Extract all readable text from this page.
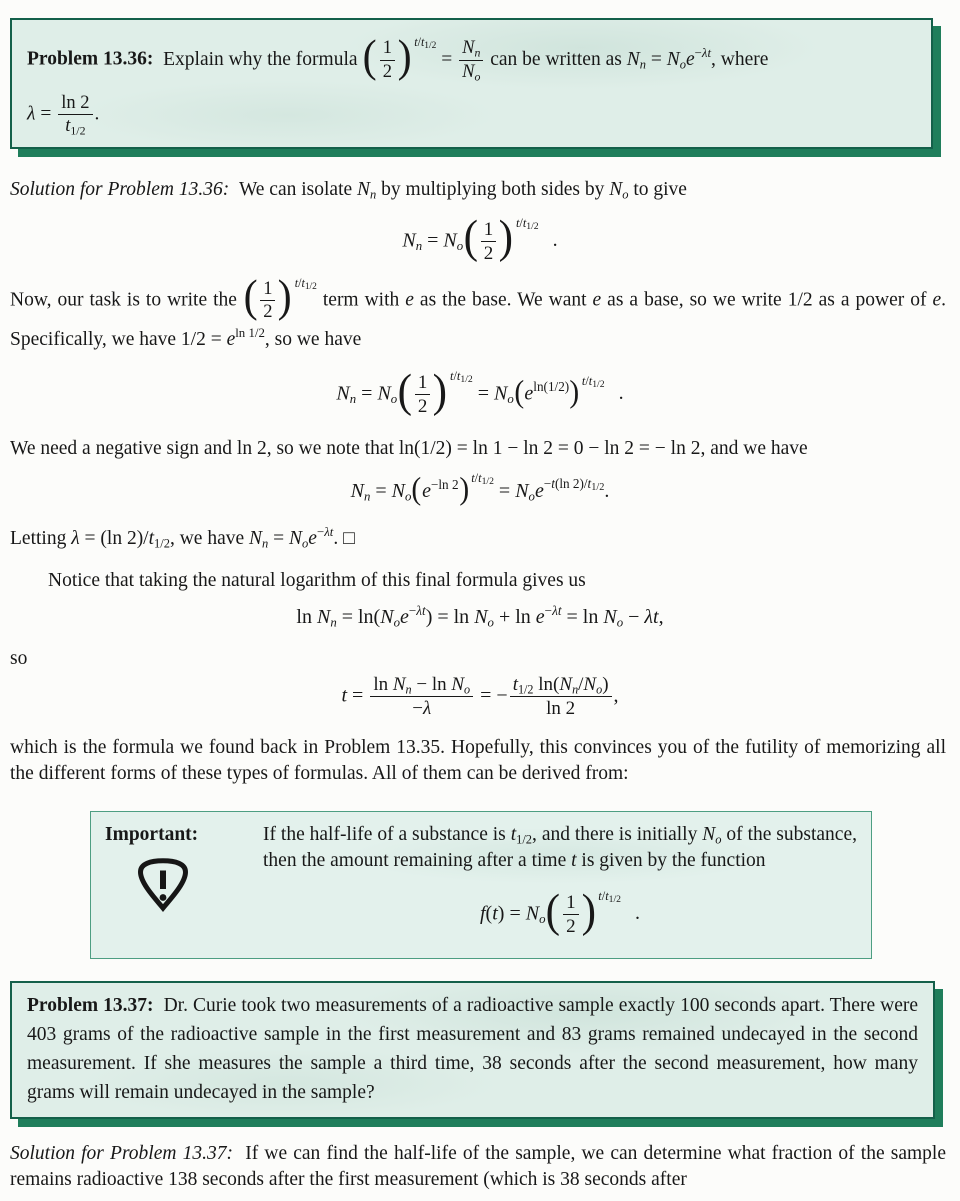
Problem 13.36: Explain why the formula ( $\frac{1}{2}$ ) $^{t/t_{1/2}} = \frac{N_n}{N_o}$ can be written as $N_n = N_oe^{-\lambda t}$, where

$\lambda = \frac{\ln 2}{t_{1/2}}$ .

Solution for Problem 13.36: We can isolate $N_n$ by multiplying both sides by $N_o$ to give

$N_n = N_o( \frac{1}{2}$ ) $^{t/t_{1/2}}$.

Now, our task is to write the ( $\frac{1}{2}$ ) $^{t/t_{1/2}}$ term with e as the base. We want e as a base, so we write 1/2 as a power of e. Specifically, we have $1/2 = e^{ln 1/2}$, so we have

$N_n = N_o( \frac{1}{2}$ ) $^{t/t_{1/2}} = N_o(e^{ln(1/2)})$ $^{t/t_{1/2}}$ .

We need a negative sign and ln 2, so we note that ln(1/2) = ln 1 − ln 2 = 0 − ln 2 = − ln 2, and we have

$N_n = N_o(e^{-ln 2}) ^{t/t_{1/2}} = N_oe^{-t(ln 2)/t_{1/2}}$.

Letting λ = (ln $2)/t_{1/2}$, we have $N_n = N_oe^{-\lambda t}$. □

Notice that taking the natural logarithm of this final formula gives us

$\ln N_n = \ln(N_oe^{-\lambda t}) = \ln N_o + \ln e^{-\lambda t} = \ln N_o - \lambda t$,

so

$t = \frac{\ln N_n - \ln N_o}{-\lambda}$ = − $\frac{t_{1/2} \ln(N_n/N_o)}{\ln 2}$ ,

which is the formula we found back in Problem 13.35. Hopefully, this convinces you of the futility of memorizing all the different forms of these types of formulas. All of them can be derived from:

Important:	If the half-life of a substance is $t_{1/2}$, and there is initially $N_o$ of the substance, then the amount remaining after a time t is given by the function

$f(t) = N_o( \frac{1}{2}$ ) $^{t/t_{1/2}}$.

Problem 13.37: Dr. Curie took two measurements of a radioactive sample exactly 100 seconds apart. There were 403 grams of the radioactive sample in the first measurement and 83 grams remained undecayed in the second measurement. If she measures the sample a third time, 38 seconds after the second measurement, how many grams will remain undecayed in the sample?

Solution for Problem 13.37: If we can find the half-life of the sample, we can determine what fraction of the sample remains radioactive 138 seconds after the first measurement (which is 38 seconds after
